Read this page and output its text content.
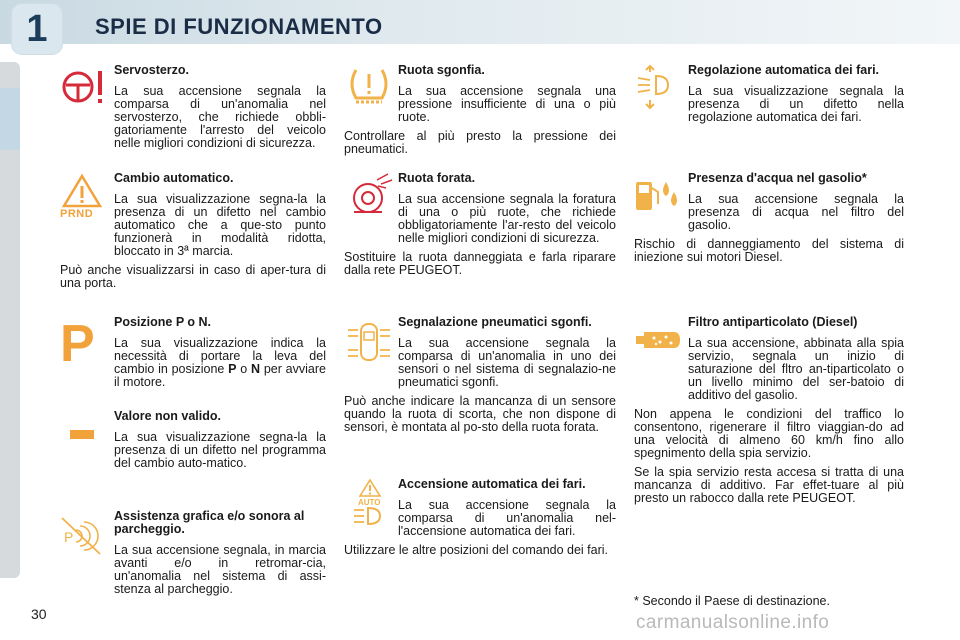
1	SPIE DI FUNZIONAMENTO
Servosterzo.

La sua accensione segnala la comparsa di un'anomalia nel servosterzo, che richiede obbli-gatoriamente l'arresto del veicolo nelle migliori condizioni di sicurezza.

PRND
Cambio automatico.

La sua visualizzazione segna-la la presenza di un difetto nel cambio automatico che a que-sto punto funzionerà in modalità ridotta, bloccato in 3ª marcia.

Può anche visualizzarsi in caso di aper-tura di una porta.

P	Posizione P o N.

La sua visualizzazione indica la necessità di portare la leva del cambio in posizione P o N per avviare il motore.

Valore non valido.

La sua visualizzazione segna-la la presenza di un difetto nel programma del cambio auto-matico.

P
Assistenza grafica e/o sonora al parcheggio.

La sua accensione segnala, in marcia avanti e/o in retromar-cia, un'anomalia nel sistema di assi-stenza al parcheggio.

Ruota sgonfia.

La sua accensione segnala una pressione insufficiente di una o più ruote.

Controllare al più presto la pressione dei pneumatici.

Ruota forata.

La sua accensione segnala la foratura di una o più ruote, che richiede obbligatoriamente l'ar-resto del veicolo nelle migliori condizioni di sicurezza.

Sostituire la ruota danneggiata e farla riparare dalla rete PEUGEOT.

Segnalazione pneumatici sgonfi.

La sua accensione segnala la comparsa di un'anomalia in uno dei sensori o nel sistema di segnalazio-ne pneumatici sgonfi.

Può anche indicare la mancanza di un sensore quando la ruota di scorta, che non dispone di sensori, è montata al po-sto della ruota forata.

AUTO
Accensione automatica dei fari.

La sua accensione segnala la comparsa di un'anomalia nel-l'accensione automatica dei fari.

Utilizzare le altre posizioni del comando dei fari.

Regolazione automatica dei fari.

La sua visualizzazione segnala la presenza di un difetto nella regolazione automatica dei fari.

Presenza d'acqua nel gasolio*

La sua accensione segnala la presenza di acqua nel filtro del gasolio.

Rischio di danneggiamento del sistema di iniezione sui motori Diesel.

Filtro antiparticolato (Diesel)

La sua accensione, abbinata alla spia servizio, segnala un inizio di saturazione del fltro an-tiparticolato o un livello minimo del ser-batoio di additivo del gasolio.

Non appena le condizioni del traffico lo consentono, rigenerare il filtro viaggian-do ad una velocità di almeno 60 km/h fino allo spegnimento della spia servizio.

Se la spia servizio resta accesa si tratta di una mancanza di additivo. Far effet-tuare al più presto un rabocco dalla rete PEUGEOT.

* Secondo il Paese di destinazione.
30	carmanualsonline.info
